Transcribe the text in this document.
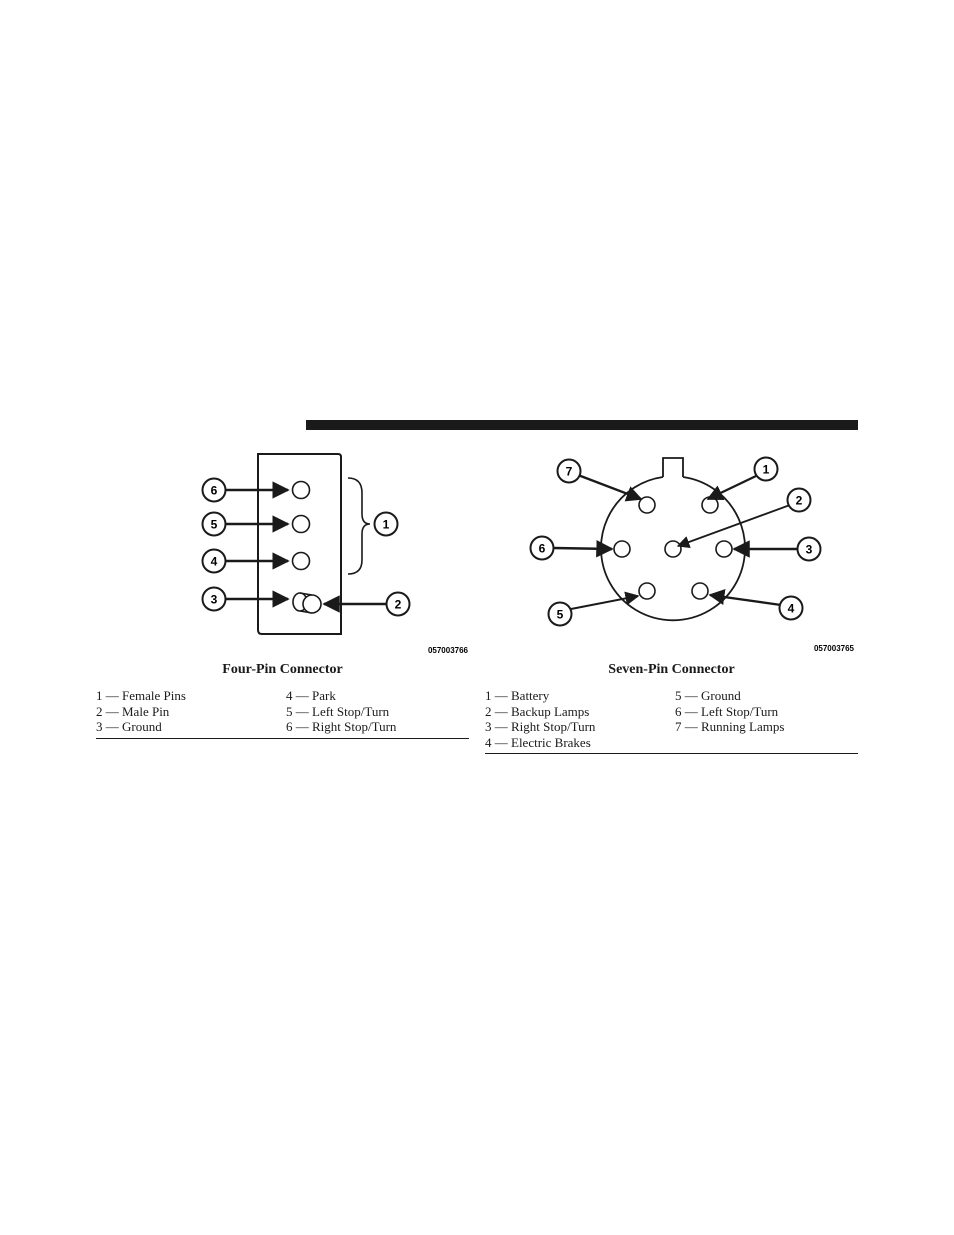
6
5
4
3
1
2
057003766
Four-Pin Connector
1 — Female Pins
2 — Male Pin
3 — Ground
4 — Park
5 — Left Stop/Turn
6 — Right Stop/Turn
7	1
2
6	3
5	4
057003765
Seven-Pin Connector
1 — Battery
2 — Backup Lamps
3 — Right Stop/Turn
4 — Electric Brakes
5 — Ground
6 — Left Stop/Turn
7 — Running Lamps
